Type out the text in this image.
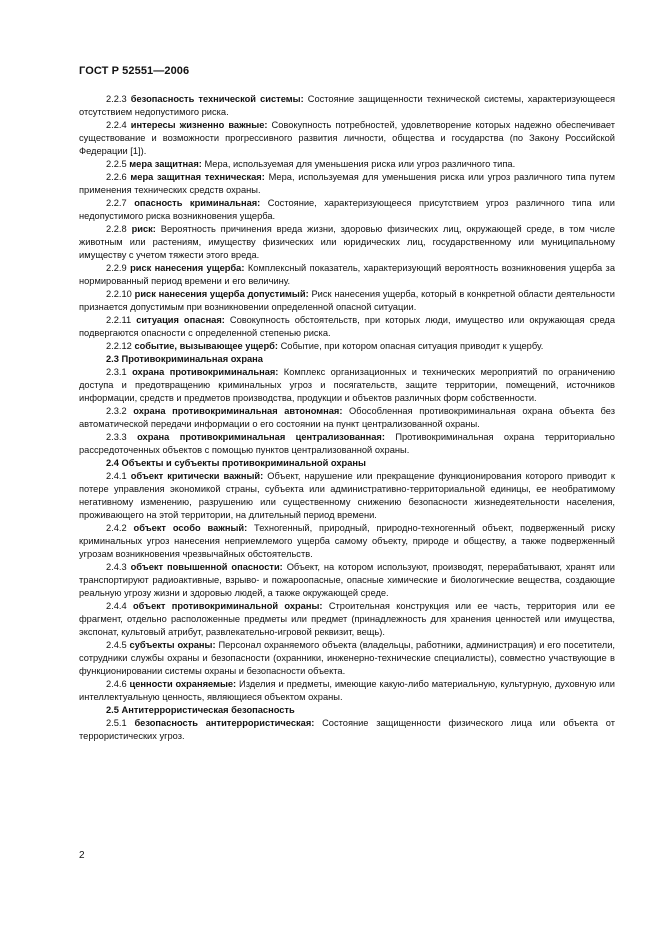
ГОСТ Р 52551—2006

2.2.3 безопасность технической системы: Состояние защищенности технической системы, характеризующееся отсутствием недопустимого риска.

2.2.4 интересы жизненно важные: Совокупность потребностей, удовлетворение которых надежно обеспечивает существование и возможности прогрессивного развития личности, общества и государства (по Закону Российской Федерации [1]).

2.2.5 мера защитная: Мера, используемая для уменьшения риска или угроз различного типа.

2.2.6 мера защитная техническая: Мера, используемая для уменьшения риска или угроз различного типа путем применения технических средств охраны.

2.2.7 опасность криминальная: Состояние, характеризующееся присутствием угроз различного типа или недопустимого риска возникновения ущерба.

2.2.8 риск: Вероятность причинения вреда жизни, здоровью физических лиц, окружающей среде, в том числе животным или растениям, имуществу физических или юридических лиц, государственному или муниципальному имуществу с учетом тяжести этого вреда.

2.2.9 риск нанесения ущерба: Комплексный показатель, характеризующий вероятность возникновения ущерба за нормированный период времени и его величину.

2.2.10 риск нанесения ущерба допустимый: Риск нанесения ущерба, который в конкретной области деятельности признается допустимым при возникновении определенной опасной ситуации.

2.2.11 ситуация опасная: Совокупность обстоятельств, при которых люди, имущество или окружающая среда подвергаются опасности с определенной степенью риска.

2.2.12 событие, вызывающее ущерб: Событие, при котором опасная ситуация приводит к ущербу.

2.3 Противокриминальная охрана

2.3.1 охрана противокриминальная: Комплекс организационных и технических мероприятий по ограничению доступа и предотвращению криминальных угроз и посягательств, защите территории, помещений, источников информации, средств и предметов производства, продукции и объектов различных форм собственности.

2.3.2 охрана противокриминальная автономная: Обособленная противокриминальная охрана объекта без автоматической передачи информации о его состоянии на пункт централизованной охраны.

2.3.3 охрана противокриминальная централизованная: Противокриминальная охрана территориально рассредоточенных объектов с помощью пунктов централизованной охраны.

2.4 Объекты и субъекты противокриминальной охраны

2.4.1 объект критически важный: Объект, нарушение или прекращение функционирования которого приводит к потере управления экономикой страны, субъекта или административно-территориальной единицы, ее необратимому негативному изменению, разрушению или существенному снижению безопасности жизнедеятельности населения, проживающего на этой территории, на длительный период времени.

2.4.2 объект особо важный: Техногенный, природный, природно-техногенный объект, подверженный риску криминальных угроз нанесения неприемлемого ущерба самому объекту, природе и обществу, а также подверженный угрозам возникновения чрезвычайных обстоятельств.

2.4.3 объект повышенной опасности: Объект, на котором используют, производят, перерабатывают, хранят или транспортируют радиоактивные, взрыво- и пожароопасные, опасные химические и биологические вещества, создающие реальную угрозу жизни и здоровью людей, а также окружающей среде.

2.4.4 объект противокриминальной охраны: Строительная конструкция или ее часть, территория или ее фрагмент, отдельно расположенные предметы или предмет (принадлежность для хранения ценностей или имущества, экспонат, культовый атрибут, развлекательно-игровой реквизит, вещь).

2.4.5 субъекты охраны: Персонал охраняемого объекта (владельцы, работники, администрация) и его посетители, сотрудники службы охраны и безопасности (охранники, инженерно-технические специалисты), совместно участвующие в функционировании системы охраны и безопасности объекта.

2.4.6 ценности охраняемые: Изделия и предметы, имеющие какую-либо материальную, культурную, духовную или интеллектуальную ценность, являющиеся объектом охраны.

2.5 Антитеррористическая безопасность

2.5.1 безопасность антитеррористическая: Состояние защищенности физического лица или объекта от террористических угроз.

2
